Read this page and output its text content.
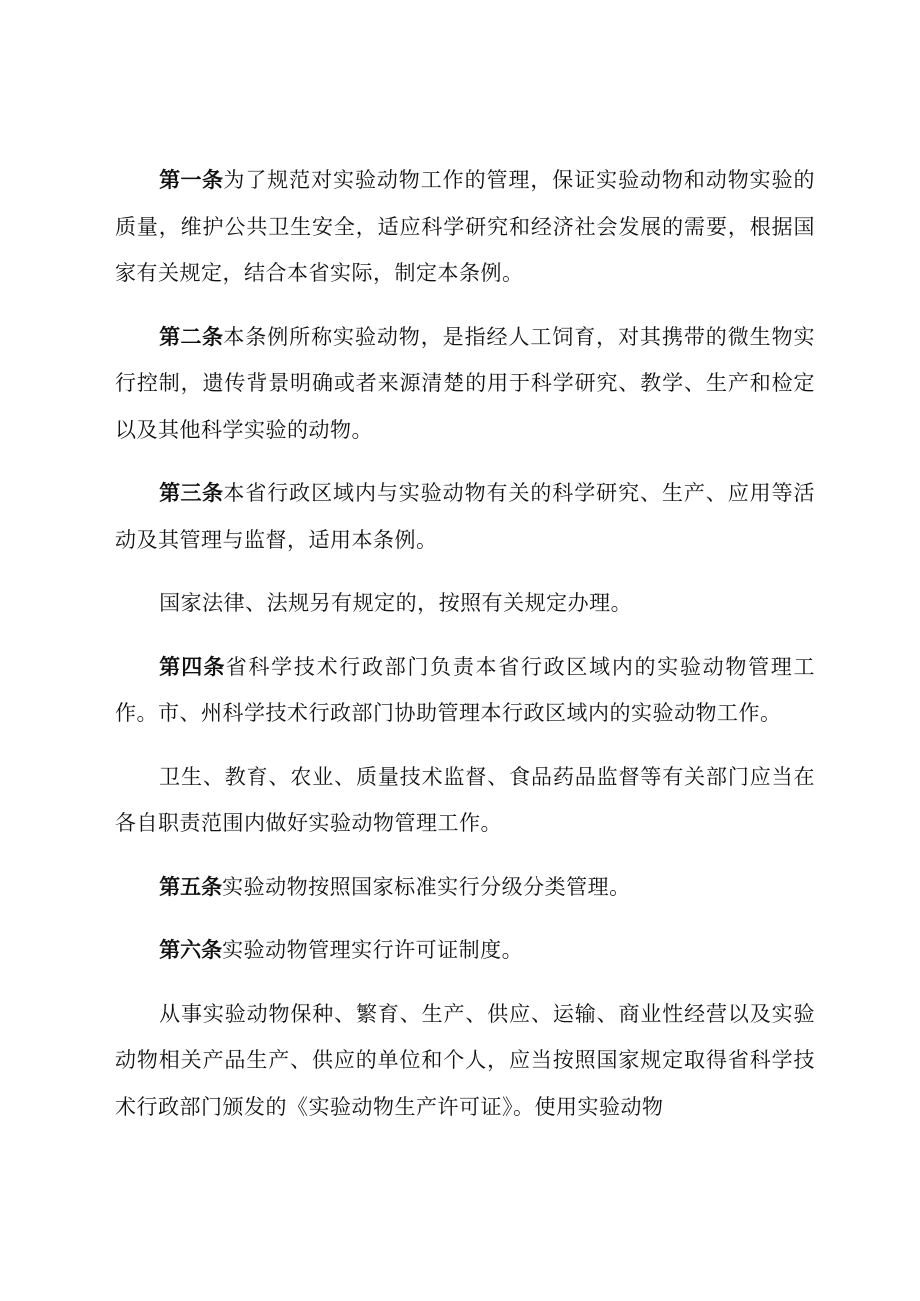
第一条为了规范对实验动物工作的管理，保证实验动物和动物实验的质量，维护公共卫生安全，适应科学研究和经济社会发展的需要，根据国家有关规定，结合本省实际，制定本条例。

第二条本条例所称实验动物，是指经人工饲育，对其携带的微生物实行控制，遗传背景明确或者来源清楚的用于科学研究、教学、生产和检定以及其他科学实验的动物。

第三条本省行政区域内与实验动物有关的科学研究、生产、应用等活动及其管理与监督，适用本条例。

国家法律、法规另有规定的，按照有关规定办理。

第四条省科学技术行政部门负责本省行政区域内的实验动物管理工作。市、州科学技术行政部门协助管理本行政区域内的实验动物工作。

卫生、教育、农业、质量技术监督、食品药品监督等有关部门应当在各自职责范围内做好实验动物管理工作。

第五条实验动物按照国家标准实行分级分类管理。

第六条实验动物管理实行许可证制度。

从事实验动物保种、繁育、生产、供应、运输、商业性经营以及实验动物相关产品生产、供应的单位和个人，应当按照国家规定取得省科学技术行政部门颁发的《实验动物生产许可证》。使用实验动物
